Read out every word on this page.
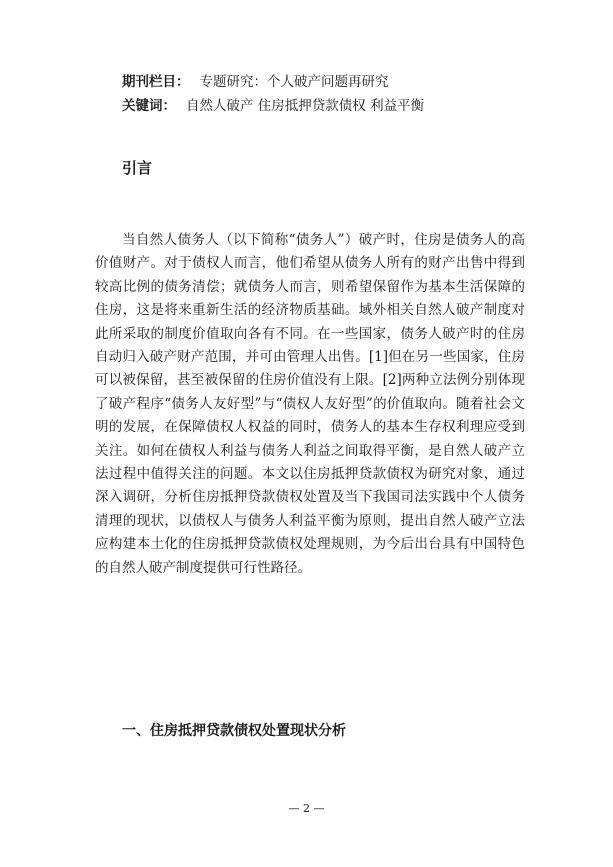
期刊栏目： 专题研究：个人破产问题再研究
关键词： 自然人破产 住房抵押贷款债权 利益平衡
引言

当自然人债务人（以下简称“债务人”）破产时，住房是债务人的高价值财产。对于债权人而言，他们希望从债务人所有的财产出售中得到较高比例的债务清偿；就债务人而言，则希望保留作为基本生活保障的住房，这是将来重新生活的经济物质基础。域外相关自然人破产制度对此所采取的制度价值取向各有不同。在一些国家，债务人破产时的住房自动归入破产财产范围，并可由管理人出售。[1]但在另一些国家，住房可以被保留，甚至被保留的住房价值没有上限。[2]两种立法例分别体现了破产程序“债务人友好型”与“债权人友好型”的价值取向。随着社会文明的发展，在保障债权人权益的同时，债务人的基本生存权利理应受到关注。如何在债权人利益与债务人利益之间取得平衡，是自然人破产立法过程中值得关注的问题。本文以住房抵押贷款债权为研究对象，通过深入调研，分析住房抵押贷款债权处置及当下我国司法实践中个人债务清理的现状，以债权人与债务人利益平衡为原则，提出自然人破产立法应构建本土化的住房抵押贷款债权处理规则，为今后出台具有中国特色的自然人破产制度提供可行性路径。

一、住房抵押贷款债权处置现状分析
— 2 —
